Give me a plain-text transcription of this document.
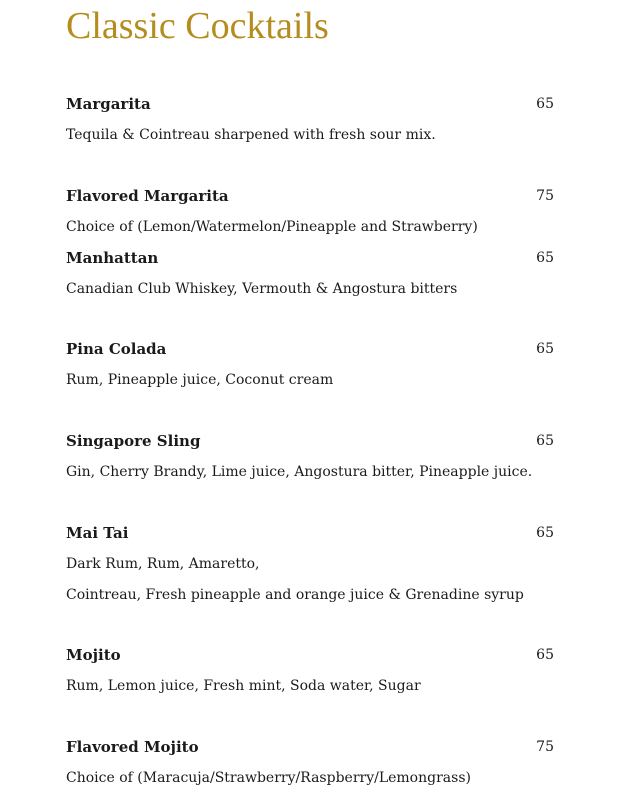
Classic Cocktails
Margarita	65
Tequila & Cointreau sharpened with fresh sour mix.
Flavored Margarita	75
Choice of (Lemon/Watermelon/Pineapple and Strawberry)
Manhattan	65
Canadian Club Whiskey, Vermouth & Angostura bitters
Pina Colada	65
Rum, Pineapple juice, Coconut cream
Singapore Sling	65
Gin, Cherry Brandy, Lime juice, Angostura bitter, Pineapple juice.
Mai Tai	65
Dark Rum, Rum, Amaretto,
Cointreau, Fresh pineapple and orange juice & Grenadine syrup
Mojito	65
Rum, Lemon juice, Fresh mint, Soda water, Sugar
Flavored Mojito	75
Choice of (Maracuja/Strawberry/Raspberry/Lemongrass)
